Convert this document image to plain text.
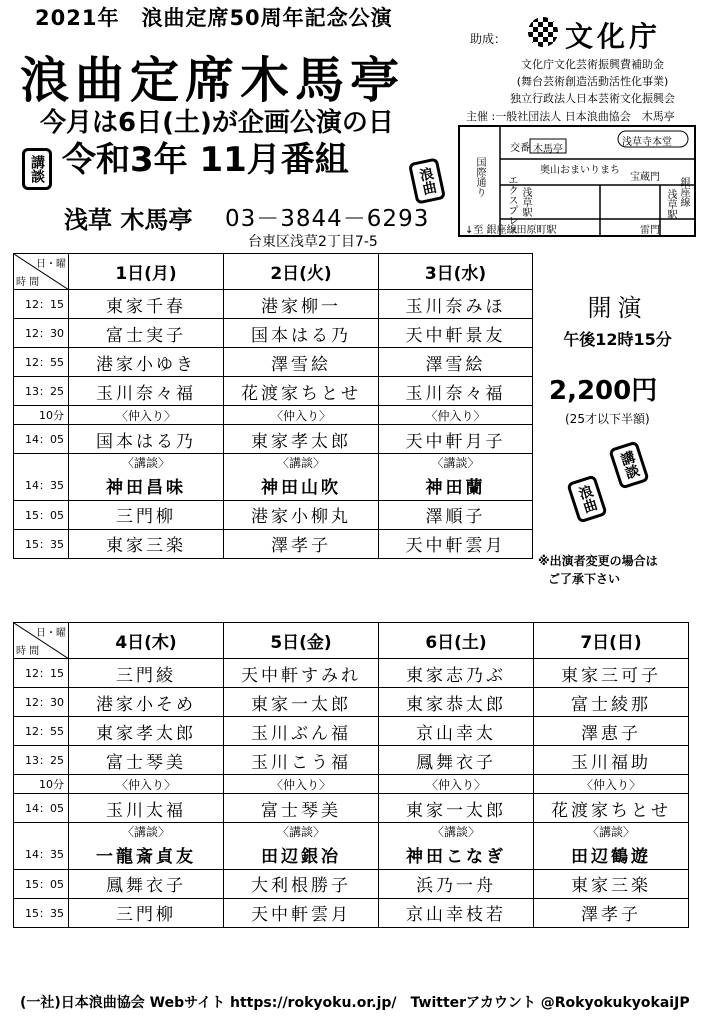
2021年　浪曲定席50周年記念公演
浪曲定席木馬亭
今月は6日(土)が企画公演の日
講談 令和3年 11月番組
浪曲
浅草 木馬亭 03－3844－6293
台東区浅草2丁目7-5
助成： 文化庁
文化庁文化芸術振興費補助金
(舞台芸術創造活動活性化事業)
独立行政法人日本芸術文化振興会
主催 :一般社団法人 日本浪曲協会　木馬亭
交番 木馬亭
浅草寺本堂
奥山おまいりまち
宝蔵門
国際通り エクスプレス 浅草駅	銀座線
浅草駅
雷門
↓至 銀座線田原町駅
日・曜
時 間	1日(月)	2日(火)	3日(水)
12：15	東家千春	港家柳一	玉川奈みほ
12：30	富士実子	国本はる乃	天中軒景友
12：55	港家小ゆき	澤雪絵	澤雪絵
13：25	玉川奈々福	花渡家ちとせ	玉川奈々福
10分	〈仲入り〉	〈仲入り〉	〈仲入り〉
14：05	国本はる乃	東家孝太郎	天中軒月子
	〈講談〉	〈講談〉	〈講談〉
14：35	神田昌味	神田山吹	神田蘭
15：05	三門柳	港家小柳丸	澤順子
15：35	東家三楽	澤孝子	天中軒雲月
日・曜
時 間	4日(木)	5日(金)	6日(土)	7日(日)
12：15	三門綾	天中軒すみれ	東家志乃ぶ	東家三可子
12：30	港家小そめ	東家一太郎	東家恭太郎	富士綾那
12：55	東家孝太郎	玉川ぶん福	京山幸太	澤恵子
13：25	富士琴美	玉川こう福	鳳舞衣子	玉川福助
10分	〈仲入り〉	〈仲入り〉	〈仲入り〉	〈仲入り〉
14：05	玉川太福	富士琴美	東家一太郎	花渡家ちとせ
	〈講談〉	〈講談〉	〈講談〉	〈講談〉
14：35	一龍斎貞友	田辺銀冶	神田こなぎ	田辺鶴遊
15：05	鳳舞衣子	大利根勝子	浜乃一舟	東家三楽
15：35	三門柳	天中軒雲月	京山幸枝若	澤孝子
開演
午後12時15分
2,200円
(25才以下半額)
講談
浪曲
※出演者変更の場合は
ご了承下さい
(一社)日本浪曲協会 Webサイト https://rokyoku.or.jp/　Twitterアカウント @RokyokukyokaiJP
